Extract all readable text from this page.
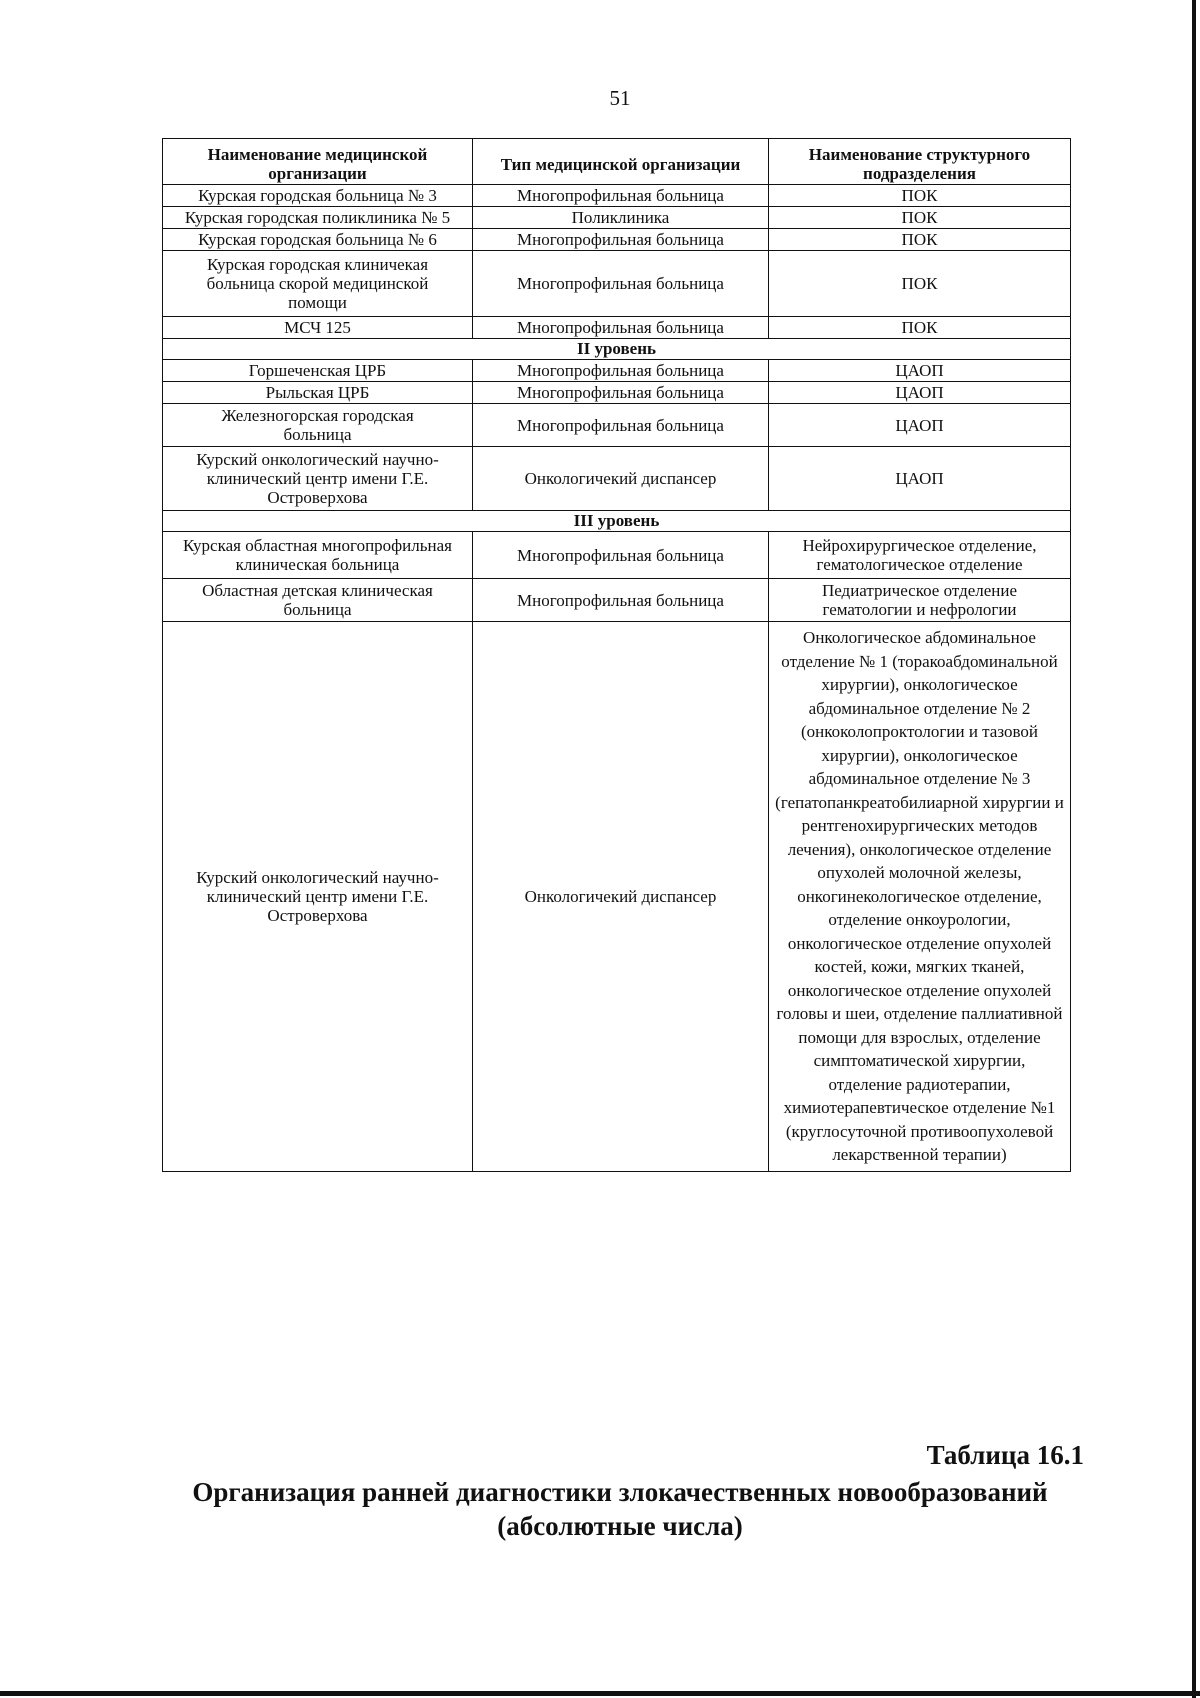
51
Наименование медицинской организации	Тип медицинской организации	Наименование структурного подразделения
Курская городская больница № 3	Многопрофильная больница	ПОК
Курская городская поликлиника № 5	Поликлиника	ПОК
Курская городская больница № 6	Многопрофильная больница	ПОК
Курская городская клиничекая больница скорой медицинской помощи	Многопрофильная больница	ПОК
МСЧ 125	Многопрофильная больница	ПОК
II уровень		
Горшеченская ЦРБ	Многопрофильная больница	ЦАОП
Рыльская ЦРБ	Многопрофильная больница	ЦАОП
Железногорская городская больница	Многопрофильная больница	ЦАОП
Курский онкологический научно-клинический центр имени Г.Е. Островерхова	Онкологичекий диспансер	ЦАОП
III уровень		
Курская областная многопрофильная клиническая больница	Многопрофильная больница	Нейрохирургическое отделение, гематологическое отделение
Областная детская клиническая больница	Многопрофильная больница	Педиатрическое отделение гематологии и нефрологии
Курский онкологический научно-клинический центр имени Г.Е. Островерхова	Онкологичекий диспансер	Онкологическое абдоминальное отделение № 1 (торакоабдоминальной хирургии), онкологическое абдоминальное отделение № 2 (онкоколопроктологии и тазовой хирургии), онкологическое абдоминальное отделение № 3 (гепатопанкреатобилиарной хирургии и рентгенохирургических методов лечения), онкологическое отделение опухолей молочной железы, онкогинекологическое отделение, отделение онкоурологии, онкологическое отделение опухолей костей, кожи, мягких тканей, онкологическое отделение опухолей головы и шеи, отделение паллиативной помощи для взрослых, отделение симптоматической хирургии, отделение радиотерапии, химиотерапевтическое отделение №1 (круглосуточной противоопухолевой лекарственной терапии)
Таблица 16.1
Организация ранней диагностики злокачественных новообразований
(абсолютные числа)
